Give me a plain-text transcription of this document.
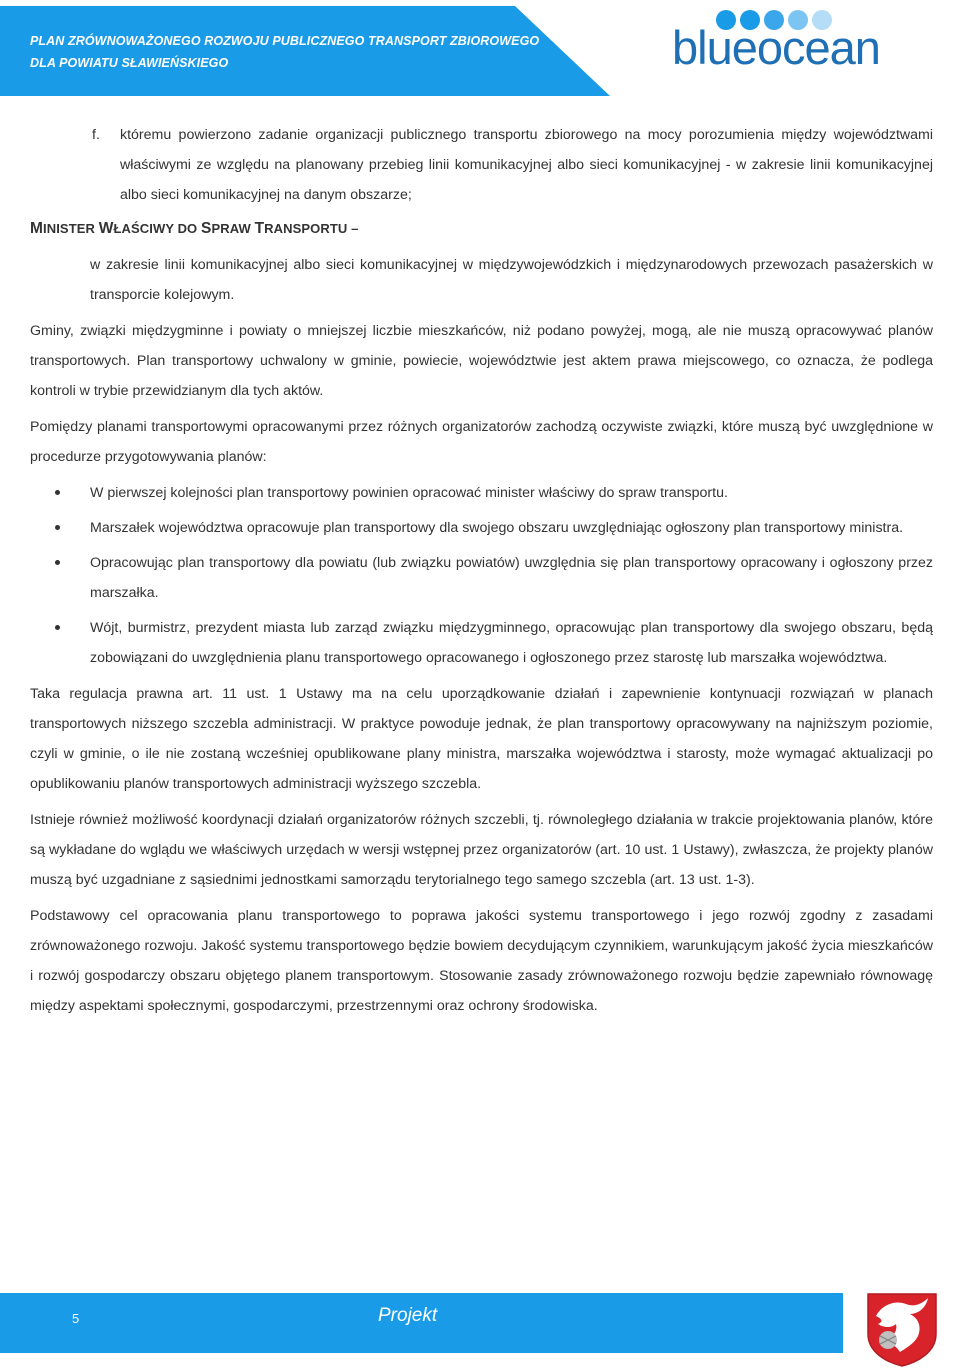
PLAN ZRÓWNOWAŻONEGO ROZWOJU PUBLICZNEGO TRANSPORT ZBIOROWEGO
DLA POWIATU SŁAWIEŃSKIEGO	blueocean
f. któremu powierzono zadanie organizacji publicznego transportu zbiorowego na mocy porozumienia między województwami właściwymi ze względu na planowany przebieg linii komunikacyjnej albo sieci komunikacyjnej - w zakresie linii komunikacyjnej albo sieci komunikacyjnej na danym obszarze;
MINISTER WŁAŚCIWY DO SPRAW TRANSPORTU –
w zakresie linii komunikacyjnej albo sieci komunikacyjnej w międzywojewódzkich i międzynarodowych przewozach pasażerskich w transporcie kolejowym.

Gminy, związki międzygminne i powiaty o mniejszej liczbie mieszkańców, niż podano powyżej, mogą, ale nie muszą opracowywać planów transportowych. Plan transportowy uchwalony w gminie, powiecie, województwie jest aktem prawa miejscowego, co oznacza, że podlega kontroli w trybie przewidzianym dla tych aktów.

Pomiędzy planami transportowymi opracowanymi przez różnych organizatorów zachodzą oczywiste związki, które muszą być uwzględnione w procedurze przygotowywania planów:

W pierwszej kolejności plan transportowy powinien opracować minister właściwy do spraw transportu.
Marszałek województwa opracowuje plan transportowy dla swojego obszaru uwzględniając ogłoszony plan transportowy ministra.
Opracowując plan transportowy dla powiatu (lub związku powiatów) uwzględnia się plan transportowy opracowany i ogłoszony przez marszałka.
Wójt, burmistrz, prezydent miasta lub zarząd związku międzygminnego, opracowując plan transportowy dla swojego obszaru, będą zobowiązani do uwzględnienia planu transportowego opracowanego i ogłoszonego przez starostę lub marszałka województwa.

Taka regulacja prawna art. 11 ust. 1 Ustawy ma na celu uporządkowanie działań i zapewnienie kontynuacji rozwiązań w planach transportowych niższego szczebla administracji. W praktyce powoduje jednak, że plan transportowy opracowywany na najniższym poziomie, czyli w gminie, o ile nie zostaną wcześniej opublikowane plany ministra, marszałka województwa i starosty, może wymagać aktualizacji po opublikowaniu planów transportowych administracji wyższego szczebla.

Istnieje również możliwość koordynacji działań organizatorów różnych szczebli, tj. równoległego działania w trakcie projektowania planów, które są wykładane do wglądu we właściwych urzędach w wersji wstępnej przez organizatorów (art. 10 ust. 1 Ustawy), zwłaszcza, że projekty planów muszą być uzgadniane z sąsiednimi jednostkami samorządu terytorialnego tego samego szczebla (art. 13 ust. 1-3).

Podstawowy cel opracowania planu transportowego to poprawa jakości systemu transportowego i jego rozwój zgodny z zasadami zrównoważonego rozwoju. Jakość systemu transportowego będzie bowiem decydującym czynnikiem, warunkującym jakość życia mieszkańców i rozwój gospodarczy obszaru objętego planem transportowym. Stosowanie zasady zrównoważonego rozwoju będzie zapewniało równowagę między aspektami społecznymi, gospodarczymi, przestrzennymi oraz ochrony środowiska.

5	Projekt
